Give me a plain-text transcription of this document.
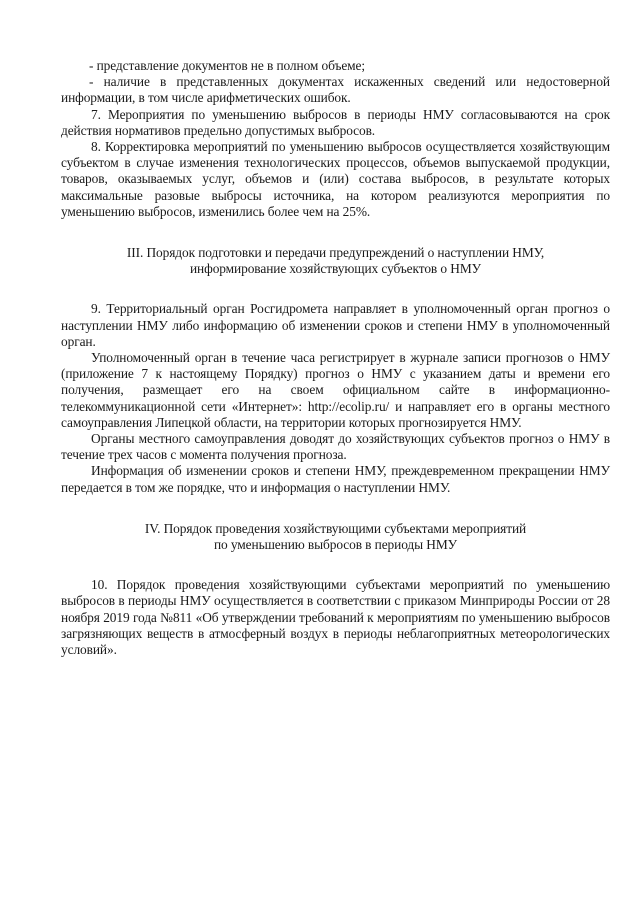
- представление документов не в полном объеме;

- наличие в представленных документах искаженных сведений или недостоверной информации, в том числе арифметических ошибок.

7. Мероприятия по уменьшению выбросов в периоды НМУ согласовываются на срок действия нормативов предельно допустимых выбросов.

8. Корректировка мероприятий по уменьшению выбросов осуществляется хозяйствующим субъектом в случае изменения технологических процессов, объемов выпускаемой продукции, товаров, оказываемых услуг, объемов и (или) состава выбросов, в результате которых максимальные разовые выбросы источника, на котором реализуются мероприятия по уменьшению выбросов, изменились более чем на 25%.

III. Порядок подготовки и передачи предупреждений о наступлении НМУ,
информирование хозяйствующих субъектов о НМУ

9. Территориальный орган Росгидромета направляет в уполномоченный орган прогноз о наступлении НМУ либо информацию об изменении сроков и степени НМУ в уполномоченный орган.

Уполномоченный орган в течение часа регистрирует в журнале записи прогнозов о НМУ (приложение 7 к настоящему Порядку) прогноз о НМУ с указанием даты и времени его получения, размещает его на своем официальном сайте в информационно-телекоммуникационной сети «Интернет»: http://ecolip.ru/ и направляет его в органы местного самоуправления Липецкой области, на территории которых прогнозируется НМУ.

Органы местного самоуправления доводят до хозяйствующих субъектов прогноз о НМУ в течение трех часов с момента получения прогноза.

Информация об изменении сроков и степени НМУ, преждевременном прекращении НМУ передается в том же порядке, что и информация о наступлении НМУ.

IV. Порядок проведения хозяйствующими субъектами мероприятий
по уменьшению выбросов в периоды НМУ

10. Порядок проведения хозяйствующими субъектами мероприятий по уменьшению выбросов в периоды НМУ осуществляется в соответствии с приказом Минприроды России от 28 ноября 2019 года №811 «Об утверждении требований к мероприятиям по уменьшению выбросов загрязняющих веществ в атмосферный воздух в периоды неблагоприятных метеорологических условий».
